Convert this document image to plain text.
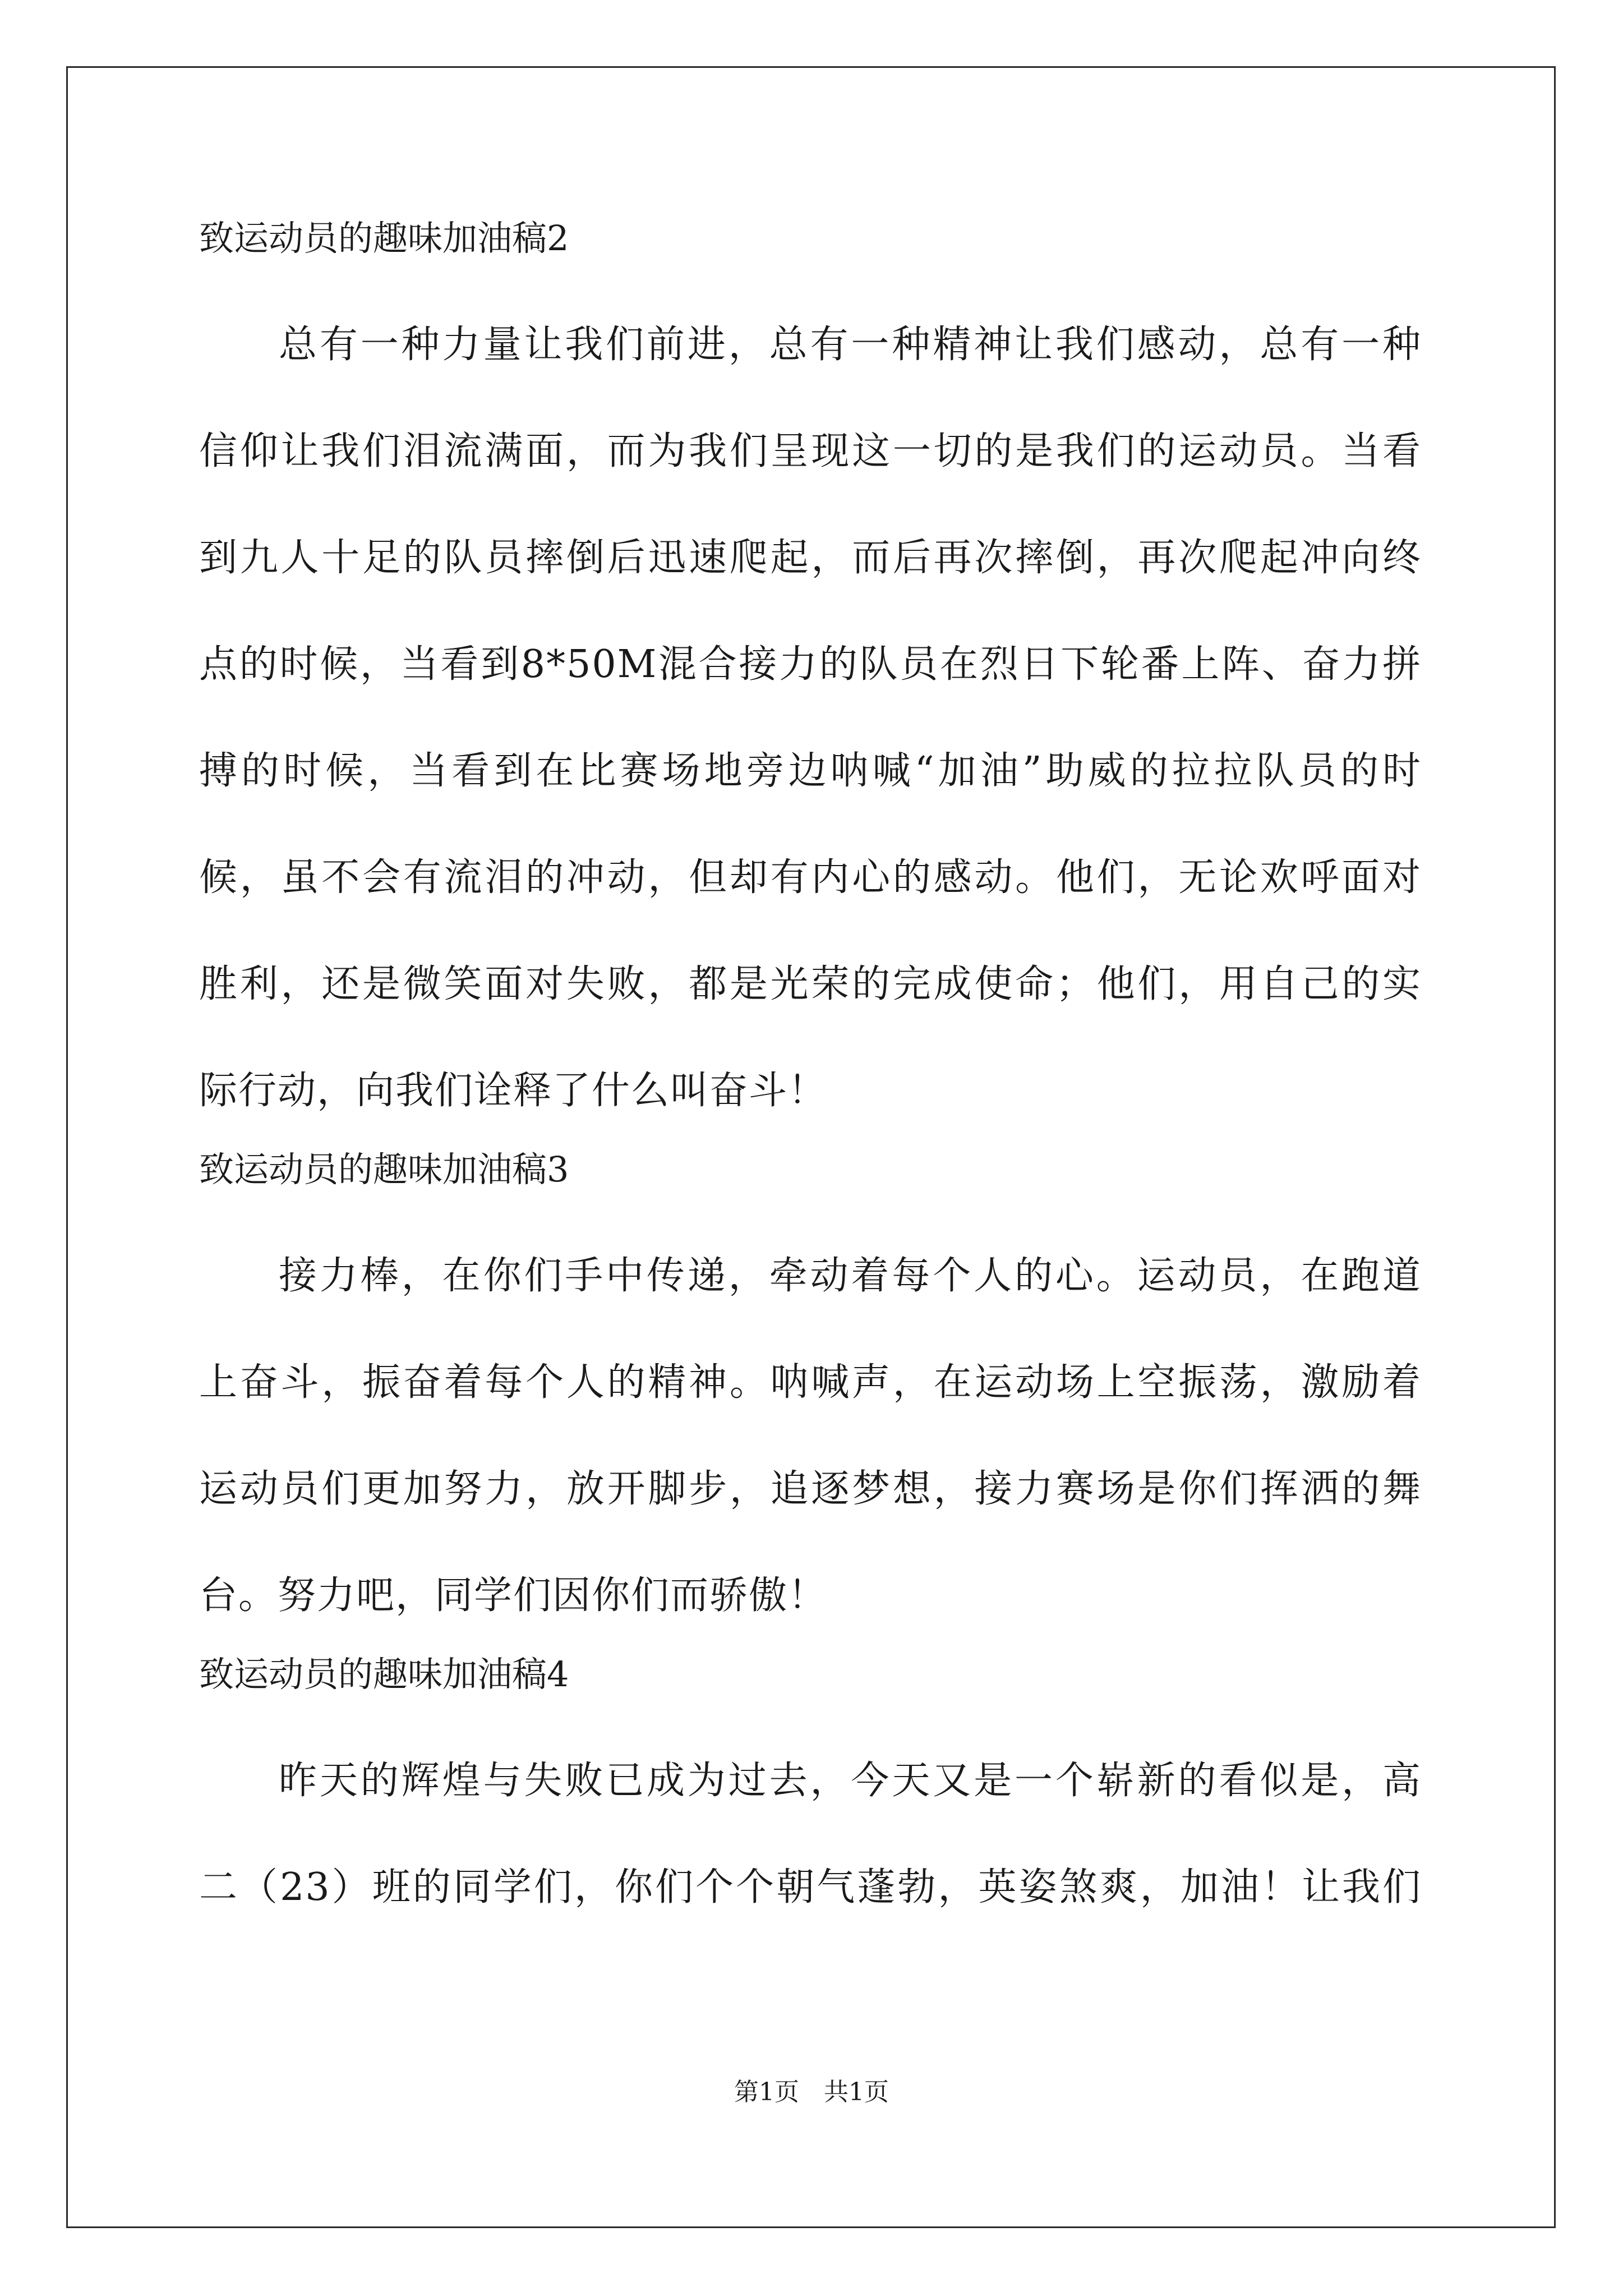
致运动员的趣味加油稿2
总有一种力量让我们前进，总有一种精神让我们感动，总有一种
信仰让我们泪流满面，而为我们呈现这一切的是我们的运动员。当看
到九人十足的队员摔倒后迅速爬起，而后再次摔倒，再次爬起冲向终
点的时候，当看到8*50M混合接力的队员在烈日下轮番上阵、奋力拼
搏的时候，当看到在比赛场地旁边呐喊“加油”助威的拉拉队员的时
候，虽不会有流泪的冲动，但却有内心的感动。他们，无论欢呼面对
胜利，还是微笑面对失败，都是光荣的完成使命；他们，用自己的实
际行动，向我们诠释了什么叫奋斗！
致运动员的趣味加油稿3
接力棒，在你们手中传递，牵动着每个人的心。运动员，在跑道
上奋斗，振奋着每个人的精神。呐喊声，在运动场上空振荡，激励着
运动员们更加努力，放开脚步，追逐梦想，接力赛场是你们挥洒的舞
台。努力吧，同学们因你们而骄傲！
致运动员的趣味加油稿4
昨天的辉煌与失败已成为过去，今天又是一个崭新的看似是，高
二（23）班的同学们，你们个个朝气蓬勃，英姿煞爽，加油！让我们
第1页　共1页
